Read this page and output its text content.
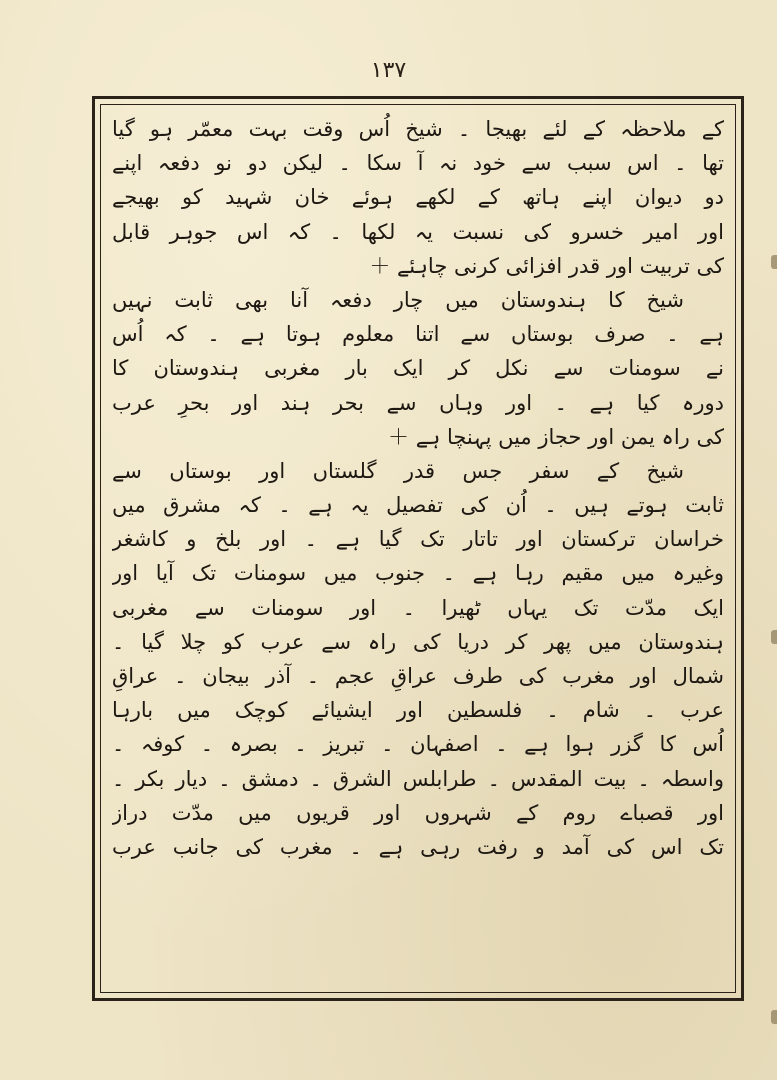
۱۳۷
کے ملاحظہ کے لئے بھیجا ۔ شیخ اُس وقت بہت معمّر ہو گیا
تھا ۔ اس سبب سے خود نہ آ سکا ۔ لیکن دو نو دفعہ اپنے
دو دیوان اپنے ہاتھ کے لکھے ہوئے خان شہید کو بھیجے
اور امیر خسرو کی نسبت یہ لکھا ۔ کہ اس جوہر قابل
کی تربیت اور قدر افزائی کرنی چاہئے ＋
شیخ کا ہندوستان میں چار دفعہ آنا بھی ثابت نہیں
ہے ۔ صرف بوستاں سے اتنا معلوم ہوتا ہے ۔ کہ اُس
نے سومنات سے نکل کر ایک بار مغربی ہندوستان کا
دورہ کیا ہے ۔ اور وہاں سے بحر ہند اور بحرِ عرب
کی راہ یمن اور حجاز میں پہنچا ہے ＋
شیخ کے سفر جس قدر گلستاں اور بوستاں سے
ثابت ہوتے ہیں ۔ اُن کی تفصیل یہ ہے ۔ کہ مشرق میں
خراسان ترکستان اور تاتار تک گیا ہے ۔ اور بلخ و کاشغر
وغیرہ میں مقیم رہا ہے ۔ جنوب میں سومنات تک آیا اور
ایک مدّت تک یہاں ٹھیرا ۔ اور سومنات سے مغربی
ہندوستان میں پھر کر دریا کی راہ سے عرب کو چلا گیا ۔
شمال اور مغرب کی طرف عراقِ عجم ۔ آذر بیجان ۔ عراقِ
عرب ۔ شام ۔ فلسطین اور ایشیائے کوچک میں بارہا
اُس کا گزر ہوا ہے ۔ اصفہان ۔ تبریز ۔ بصرہ ۔ کوفہ ۔
واسطہ ۔ بیت المقدس ۔ طرابلس الشرق ۔ دمشق ۔ دیار بکر ۔
اور قصباے روم کے شہروں اور قریوں میں مدّت دراز
تک اس کی آمد و رفت رہی ہے ۔ مغرب کی جانب عرب
